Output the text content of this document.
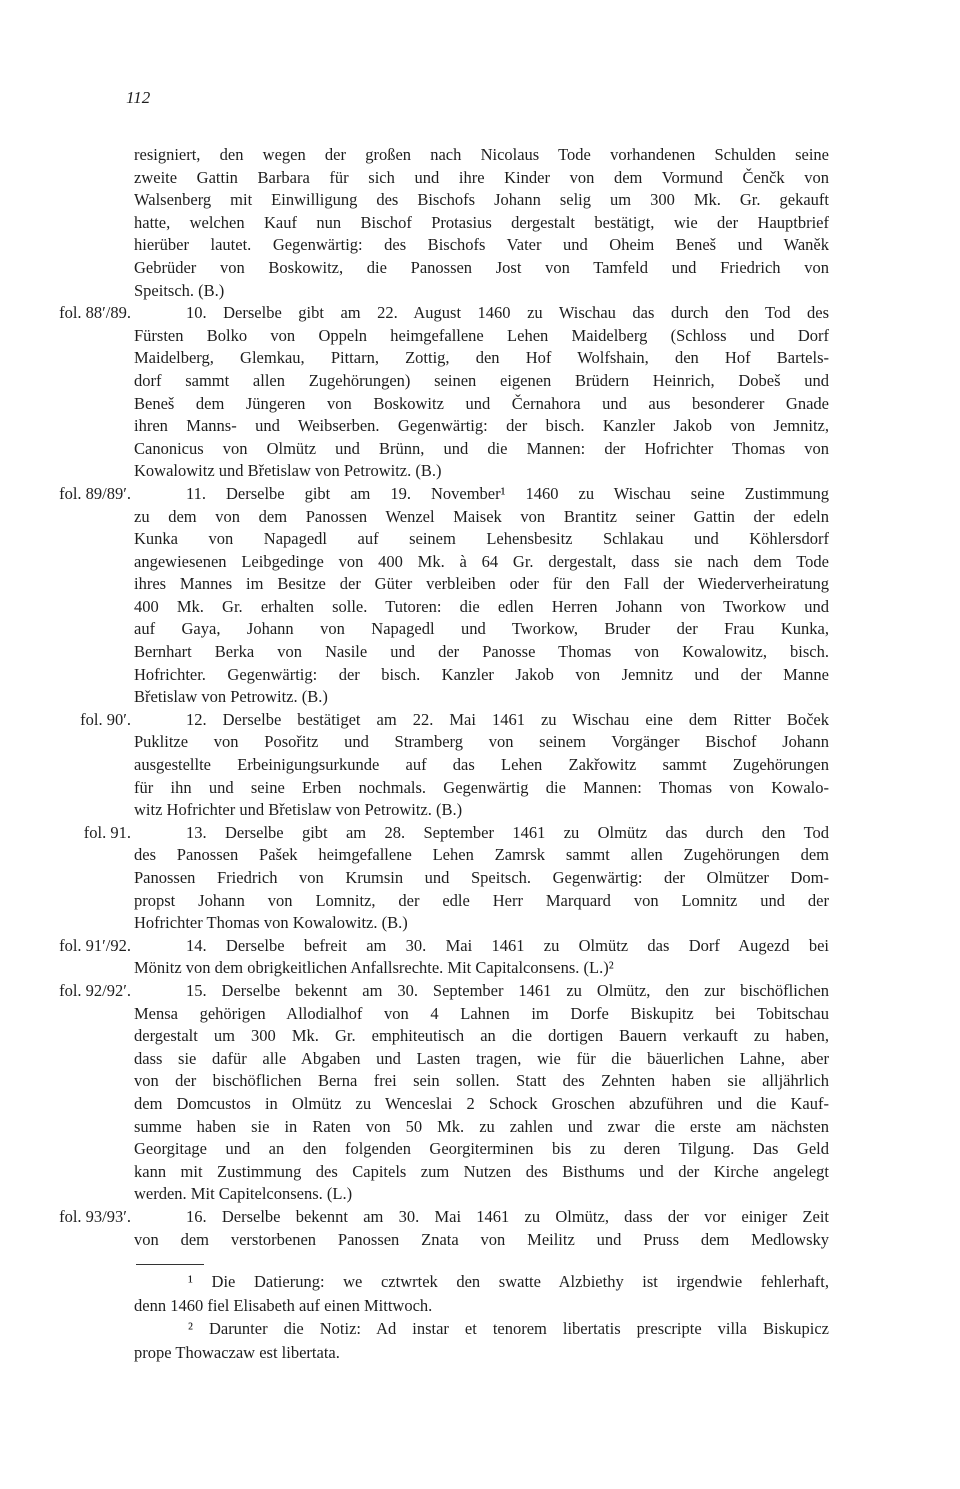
112
resigniert, den wegen der großen nach Nicolaus Tode vorhandenen Schulden seine
zweite Gattin Barbara für sich und ihre Kinder von dem Vormund Čenčk von
Walsenberg mit Einwilligung des Bischofs Johann selig um 300 Mk. Gr. gekauft
hatte, welchen Kauf nun Bischof Protasius dergestalt bestätigt, wie der Hauptbrief
hierüber lautet. Gegenwärtig: des Bischofs Vater und Oheim Beneš und Waněk
Gebrüder von Boskowitz, die Panossen Jost von Tamfeld und Friedrich von
Speitsch. (B.)
10. Derselbe gibt am 22. August 1460 zu Wischau das durch den Tod des
fol. 88′/89.
Fürsten Bolko von Oppeln heimgefallene Lehen Maidelberg (Schloss und Dorf
Maidelberg, Glemkau, Pittarn, Zottig, den Hof Wolfshain, den Hof Bartels-
dorf sammt allen Zugehörungen) seinen eigenen Brüdern Heinrich, Dobeš und
Beneš dem Jüngeren von Boskowitz und Černahora und aus besonderer Gnade
ihren Manns- und Weibserben. Gegenwärtig: der bisch. Kanzler Jakob von Jemnitz,
Canonicus von Olmütz und Brünn, und die Mannen: der Hofrichter Thomas von
Kowalowitz und Břetislaw von Petrowitz. (B.)
11. Derselbe gibt am 19. November¹ 1460 zu Wischau seine Zustimmung
fol. 89/89′.
zu dem von dem Panossen Wenzel Maisek von Brantitz seiner Gattin der edeln
Kunka von Napagedl auf seinem Lehensbesitz Schlakau und Köhlersdorf
angewiesenen Leibgedinge von 400 Mk. à 64 Gr. dergestalt, dass sie nach dem Tode
ihres Mannes im Besitze der Güter verbleiben oder für den Fall der Wiederverheiratung
400 Mk. Gr. erhalten solle. Tutoren: die edlen Herren Johann von Tworkow und
auf Gaya, Johann von Napagedl und Tworkow, Bruder der Frau Kunka,
Bernhart Berka von Nasile und der Panosse Thomas von Kowalowitz, bisch.
Hofrichter. Gegenwärtig: der bisch. Kanzler Jakob von Jemnitz und der Manne
Břetislaw von Petrowitz. (B.)
12. Derselbe bestätiget am 22. Mai 1461 zu Wischau eine dem Ritter Boček
fol. 90′.
Puklitze von Posořitz und Stramberg von seinem Vorgänger Bischof Johann
ausgestellte Erbeinigungsurkunde auf das Lehen Zakřowitz sammt Zugehörungen
für ihn und seine Erben nochmals. Gegenwärtig die Mannen: Thomas von Kowalo-
witz Hofrichter und Břetislaw von Petrowitz. (B.)
13. Derselbe gibt am 28. September 1461 zu Olmütz das durch den Tod
fol. 91.
des Panossen Pašek heimgefallene Lehen Zamrsk sammt allen Zugehörungen dem
Panossen Friedrich von Krumsin und Speitsch. Gegenwärtig: der Olmützer Dom-
propst Johann von Lomnitz, der edle Herr Marquard von Lomnitz und der
Hofrichter Thomas von Kowalowitz. (B.)
14. Derselbe befreit am 30. Mai 1461 zu Olmütz das Dorf Augezd bei
fol. 91′/92.
Mönitz von dem obrigkeitlichen Anfallsrechte. Mit Capitalconsens. (L.)²
15. Derselbe bekennt am 30. September 1461 zu Olmütz, den zur bischöflichen
fol. 92/92′.
Mensa gehörigen Allodialhof von 4 Lahnen im Dorfe Biskupitz bei Tobitschau
dergestalt um 300 Mk. Gr. emphiteutisch an die dortigen Bauern verkauft zu haben,
dass sie dafür alle Abgaben und Lasten tragen, wie für die bäuerlichen Lahne, aber
von der bischöflichen Berna frei sein sollen. Statt des Zehnten haben sie alljährlich
dem Domcustos in Olmütz zu Wenceslai 2 Schock Groschen abzuführen und die Kauf-
summe haben sie in Raten von 50 Mk. zu zahlen und zwar die erste am nächsten
Georgitage und an den folgenden Georgiterminen bis zu deren Tilgung. Das Geld
kann mit Zustimmung des Capitels zum Nutzen des Bisthums und der Kirche angelegt
werden. Mit Capitelconsens. (L.)
16. Derselbe bekennt am 30. Mai 1461 zu Olmütz, dass der vor einiger Zeit
fol. 93/93′.
von dem verstorbenen Panossen Znata von Meilitz und Pruss dem Medlowsky
¹ Die Datierung: we cztwrtek den swatte Alzbiethy ist irgendwie fehlerhaft,
denn 1460 fiel Elisabeth auf einen Mittwoch.
² Darunter die Notiz: Ad instar et tenorem libertatis prescripte villa Biskupicz
prope Thowaczaw est libertata.
